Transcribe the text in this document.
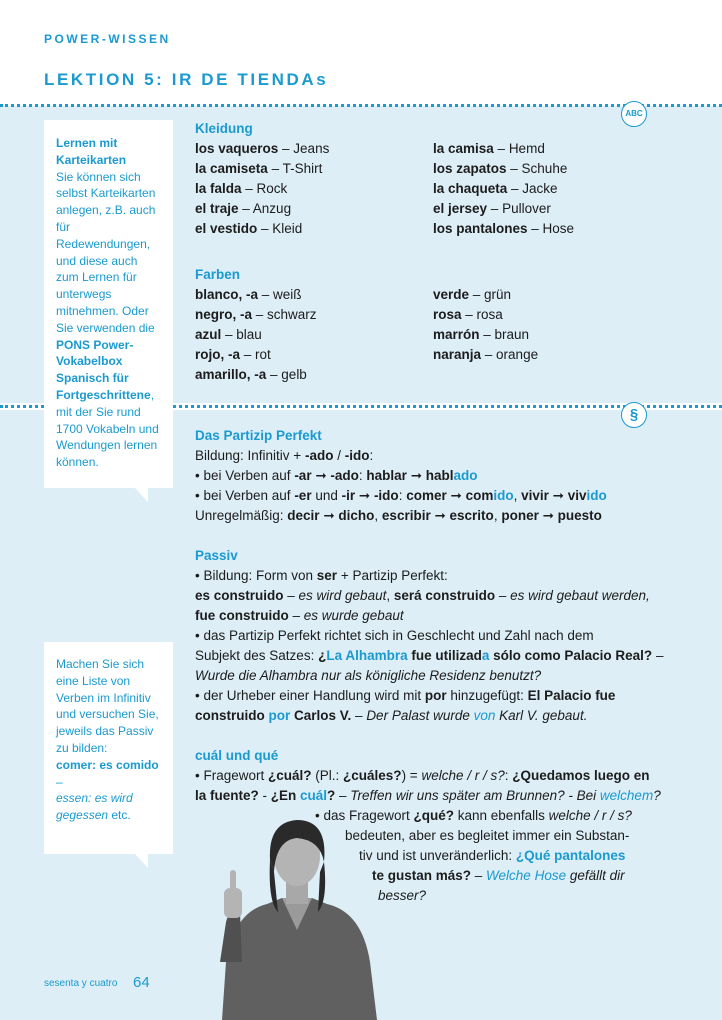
POWER-WISSEN
LEKTION 5: IR DE TIENDAs
ABC
§
Lernen mit Karteikarten
Sie können sich selbst Karteikarten anlegen, z.B. auch für Redewendungen, und diese auch zum Lernen für unterwegs mitnehmen. Oder Sie verwenden die PONS Power-Vokabelbox Spanisch für Fortgeschrittene, mit der Sie rund 1700 Vokabeln und Wendungen lernen können.
Machen Sie sich eine Liste von Verben im Infinitiv und versuchen Sie, jeweils das Passiv zu bilden:
comer: es comido –
essen: es wird gegessen etc.
Kleidung
los vaqueros – Jeans
la camiseta – T-Shirt
la falda – Rock
el traje – Anzug
el vestido – Kleid
la camisa – Hemd
los zapatos – Schuhe
la chaqueta – Jacke
el jersey – Pullover
los pantalones – Hose
Farben
blanco, -a – weiß
negro, -a – schwarz
azul – blau
rojo, -a – rot
amarillo, -a – gelb
verde – grün
rosa – rosa
marrón – braun
naranja – orange
Das Partizip Perfekt
Bildung: Infinitiv + -ado / -ido:
• bei Verben auf -ar ➞ -ado: hablar ➞ hablado
• bei Verben auf -er und -ir ➞ -ido: comer ➞ comido, vivir ➞ vivido
Unregelmäßig: decir ➞ dicho, escribir ➞ escrito, poner ➞ puesto
Passiv
• Bildung: Form von ser + Partizip Perfekt:
es construido – es wird gebaut, será construido – es wird gebaut werden,
fue construido – es wurde gebaut
• das Partizip Perfekt richtet sich in Geschlecht und Zahl nach dem
Subjekt des Satzes: ¿La Alhambra fue utilizada sólo como Palacio Real? –
Wurde die Alhambra nur als königliche Residenz benutzt?
• der Urheber einer Handlung wird mit por hinzugefügt: El Palacio fue
construido por Carlos V. – Der Palast wurde von Karl V. gebaut.
cuál und qué
• Fragewort ¿cuál? (Pl.: ¿cuáles?) = welche / r / s?: ¿Quedamos luego en
la fuente? - ¿En cuál? – Treffen wir uns später am Brunnen? - Bei welchem?
• das Fragewort ¿qué? kann ebenfalls welche / r / s?
bedeuten, aber es begleitet immer ein Substan-
tiv und ist unveränderlich: ¿Qué pantalones
te gustan más? – Welche Hose gefällt dir
besser?
sesenta y cuatro 64
